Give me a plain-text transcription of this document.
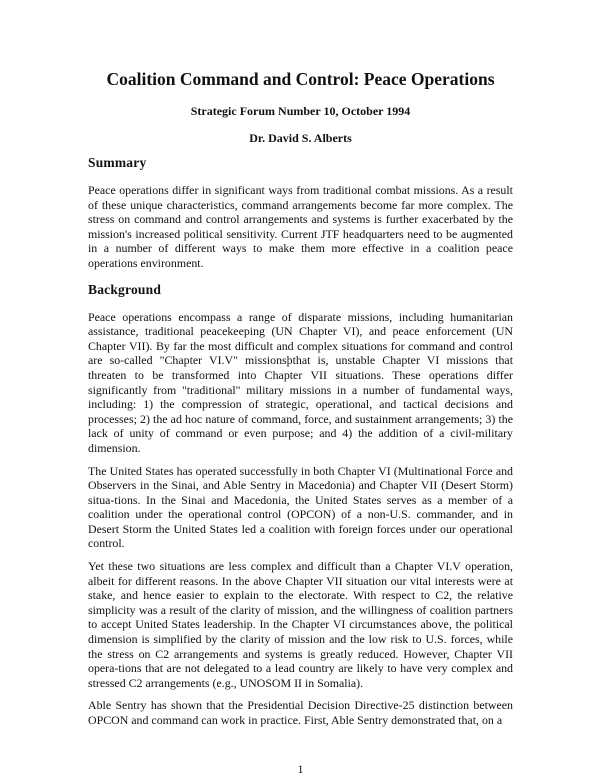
Coalition Command and Control: Peace Operations
Strategic Forum Number 10, October 1994
Dr. David S. Alberts
Summary

Peace operations differ in significant ways from traditional combat missions. As a result of these unique characteristics, command arrangements become far more complex. The stress on command and control arrangements and systems is further exacerbated by the mission's increased political sensitivity. Current JTF headquarters need to be augmented in a number of different ways to make them more effective in a coalition peace operations environment.

Background

Peace operations encompass a range of disparate missions, including humanitarian assistance, traditional peacekeeping (UN Chapter VI), and peace enforcement (UN Chapter VII). By far the most difficult and complex situations for command and control are so-called "Chapter VI.V" missionsþthat is, unstable Chapter VI missions that threaten to be transformed into Chapter VII situations. These operations differ significantly from "traditional" military missions in a number of fundamental ways, including: 1) the compression of strategic, operational, and tactical decisions and processes; 2) the ad hoc nature of command, force, and sustainment arrangements; 3) the lack of unity of command or even purpose; and 4) the addition of a civil-military dimension.

The United States has operated successfully in both Chapter VI (Multinational Force and Observers in the Sinai, and Able Sentry in Macedonia) and Chapter VII (Desert Storm) situa-tions. In the Sinai and Macedonia, the United States serves as a member of a coalition under the operational control (OPCON) of a non-U.S. commander, and in Desert Storm the United States led a coalition with foreign forces under our operational control.

Yet these two situations are less complex and difficult than a Chapter VI.V operation, albeit for different reasons. In the above Chapter VII situation our vital interests were at stake, and hence easier to explain to the electorate. With respect to C2, the relative simplicity was a result of the clarity of mission, and the willingness of coalition partners to accept United States leadership. In the Chapter VI circumstances above, the political dimension is simplified by the clarity of mission and the low risk to U.S. forces, while the stress on C2 arrangements and systems is greatly reduced. However, Chapter VII opera-tions that are not delegated to a lead country are likely to have very complex and stressed C2 arrangements (e.g., UNOSOM II in Somalia).

Able Sentry has shown that the Presidential Decision Directive-25 distinction between OPCON and command can work in practice. First, Able Sentry demonstrated that, on a

1
